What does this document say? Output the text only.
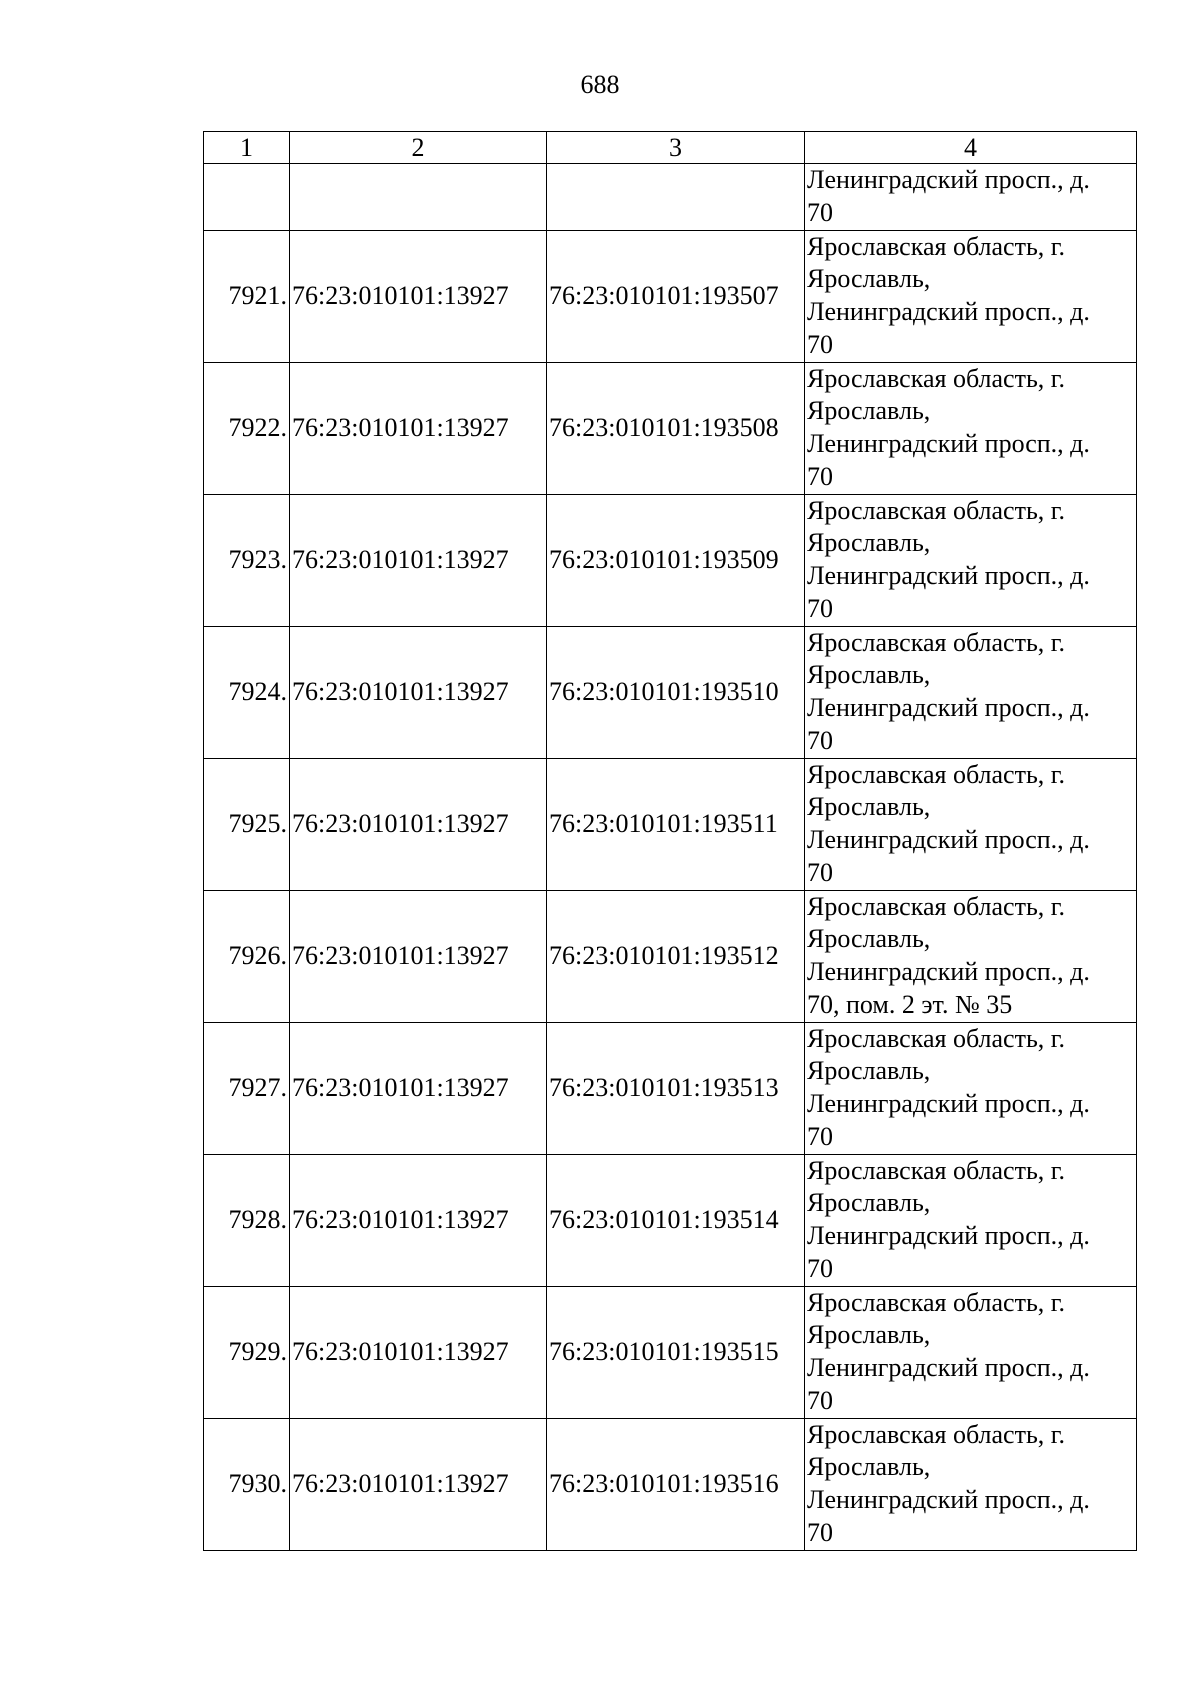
688
1	2	3	4

			Ленинградский просп., д.
70

7921.	76:23:010101:13927	76:23:010101:193507	Ярославская область, г.
Ярославль,
Ленинградский просп., д.
70

7922.	76:23:010101:13927	76:23:010101:193508	Ярославская область, г.
Ярославль,
Ленинградский просп., д.
70

7923.	76:23:010101:13927	76:23:010101:193509	Ярославская область, г.
Ярославль,
Ленинградский просп., д.
70

7924.	76:23:010101:13927	76:23:010101:193510	Ярославская область, г.
Ярославль,
Ленинградский просп., д.
70

7925.	76:23:010101:13927	76:23:010101:193511	Ярославская область, г.
Ярославль,
Ленинградский просп., д.
70

7926.	76:23:010101:13927	76:23:010101:193512	Ярославская область, г.
Ярославль,
Ленинградский просп., д.
70, пом. 2 эт. № 35

7927.	76:23:010101:13927	76:23:010101:193513	Ярославская область, г.
Ярославль,
Ленинградский просп., д.
70

7928.	76:23:010101:13927	76:23:010101:193514	Ярославская область, г.
Ярославль,
Ленинградский просп., д.
70

7929.	76:23:010101:13927	76:23:010101:193515	Ярославская область, г.
Ярославль,
Ленинградский просп., д.
70

7930.	76:23:010101:13927	76:23:010101:193516	Ярославская область, г.
Ярославль,
Ленинградский просп., д.
70
